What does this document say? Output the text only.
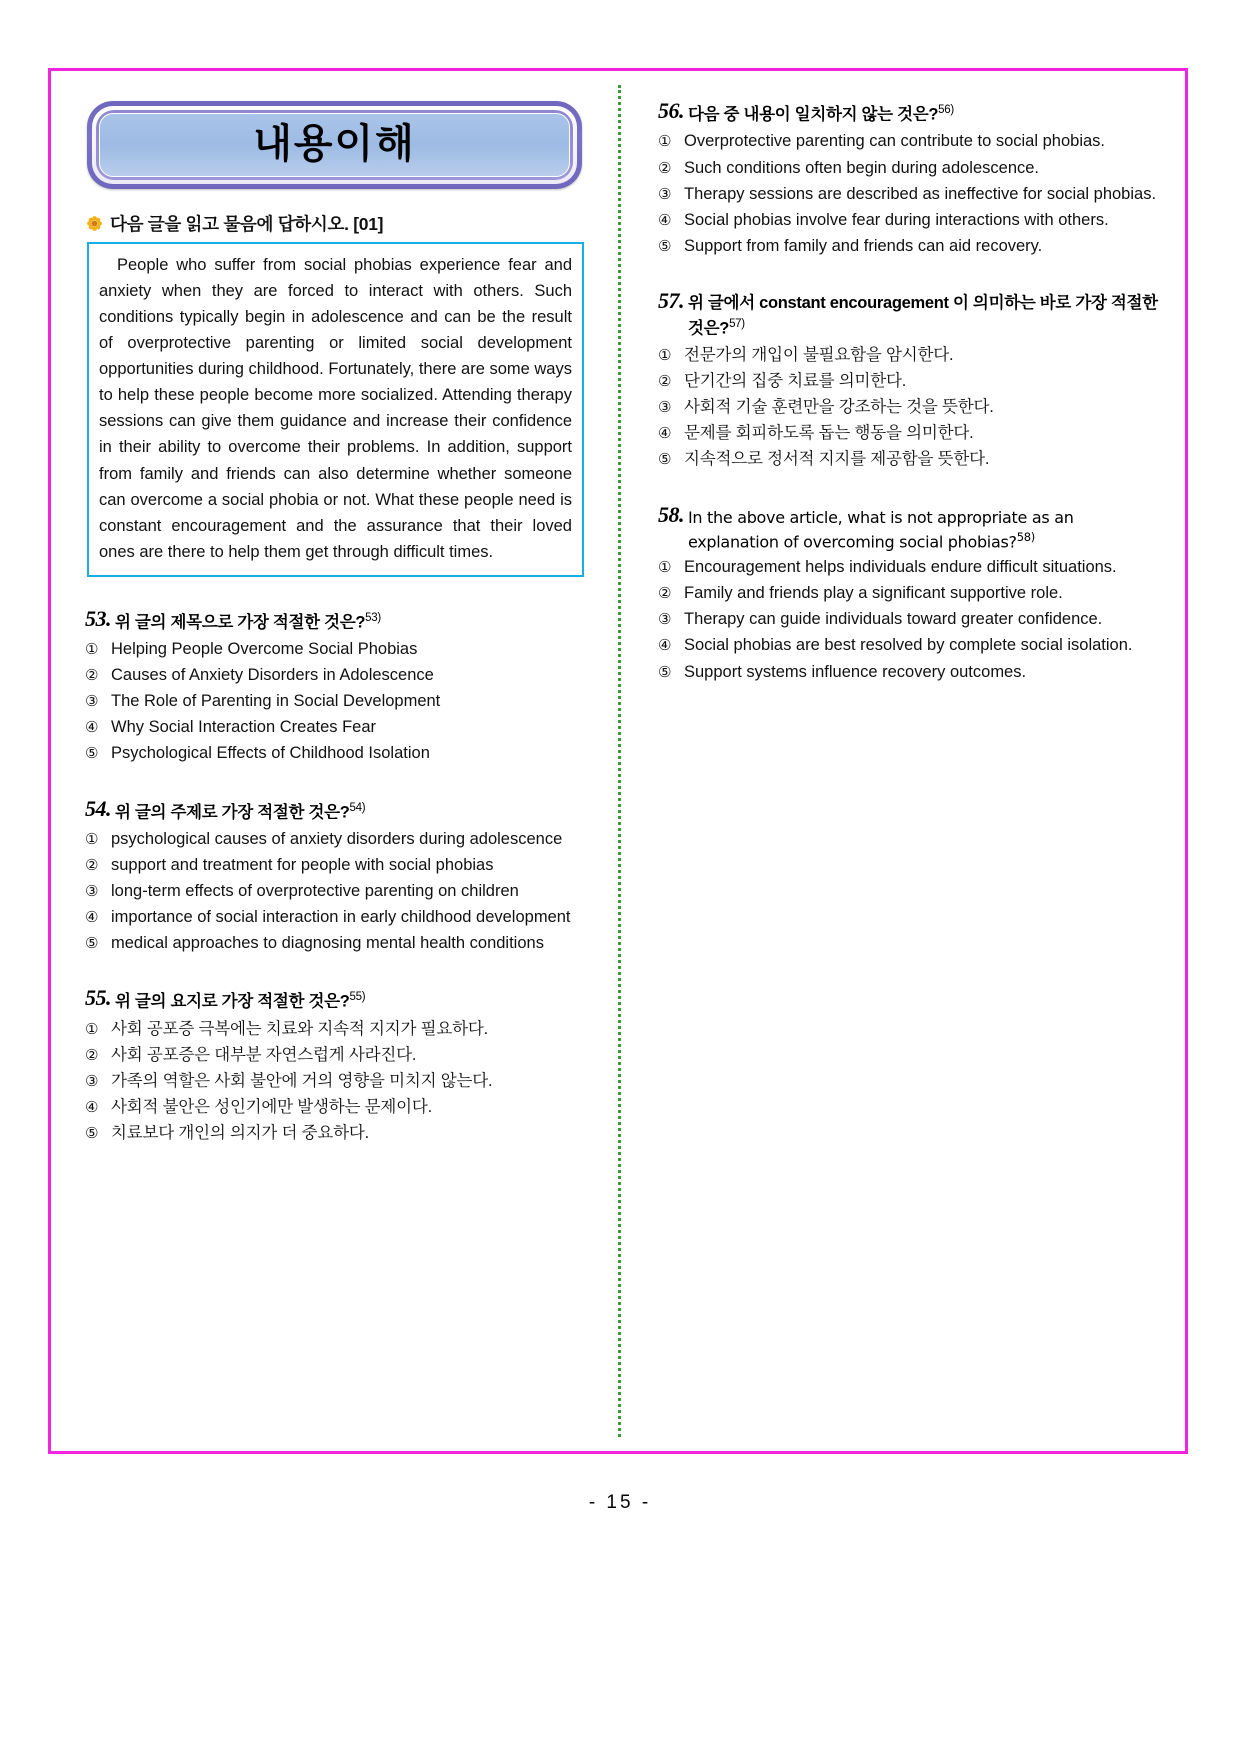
내용이해
다음 글을 읽고 물음에 답하시오. [01]

People who suffer from social phobias experience fear and anxiety when they are forced to interact with others. Such conditions typically begin in adolescence and can be the result of overprotective parenting or limited social development opportunities during childhood. Fortunately, there are some ways to help these people become more socialized. Attending therapy sessions can give them guidance and increase their confidence in their ability to overcome their problems. In addition, support from family and friends can also determine whether someone can overcome a social phobia or not. What these people need is constant encouragement and the assurance that their loved ones are there to help them get through difficult times.

53. 위 글의 제목으로 가장 적절한 것은?$^{53)}$
① Helping People Overcome Social Phobias
② Causes of Anxiety Disorders in Adolescence
③ The Role of Parenting in Social Development
④ Why Social Interaction Creates Fear
⑤ Psychological Effects of Childhood Isolation
54. 위 글의 주제로 가장 적절한 것은?$^{54)}$
① psychological causes of anxiety disorders during adolescence
② support and treatment for people with social phobias
③ long-term effects of overprotective parenting on children
④ importance of social interaction in early childhood development
⑤ medical approaches to diagnosing mental health conditions
55. 위 글의 요지로 가장 적절한 것은?$^{55)}$
① 사회 공포증 극복에는 치료와 지속적 지지가 필요하다.
② 사회 공포증은 대부분 자연스럽게 사라진다.
③ 가족의 역할은 사회 불안에 거의 영향을 미치지 않는다.
④ 사회적 불안은 성인기에만 발생하는 문제이다.
⑤ 치료보다 개인의 의지가 더 중요하다.
56. 다음 중 내용이 일치하지 않는 것은?$^{56)}$
① Overprotective parenting can contribute to social phobias.
② Such conditions often begin during adolescence.
③ Therapy sessions are described as ineffective for social phobias.
④ Social phobias involve fear during interactions with others.
⑤ Support from family and friends can aid recovery.
57. 위 글에서 constant encouragement 이 의미하는 바로 가장 적절한 것은?$^{57)}$
① 전문가의 개입이 불필요함을 암시한다.
② 단기간의 집중 치료를 의미한다.
③ 사회적 기술 훈련만을 강조하는 것을 뜻한다.
④ 문제를 회피하도록 돕는 행동을 의미한다.
⑤ 지속적으로 정서적 지지를 제공함을 뜻한다.
58. In the above article, what is not appropriate as an explanation of overcoming social phobias?$^{58)}$
① Encouragement helps individuals endure difficult situations.
② Family and friends play a significant supportive role.
③ Therapy can guide individuals toward greater confidence.
④ Social phobias are best resolved by complete social isolation.
⑤ Support systems influence recovery outcomes.
- 15 -
